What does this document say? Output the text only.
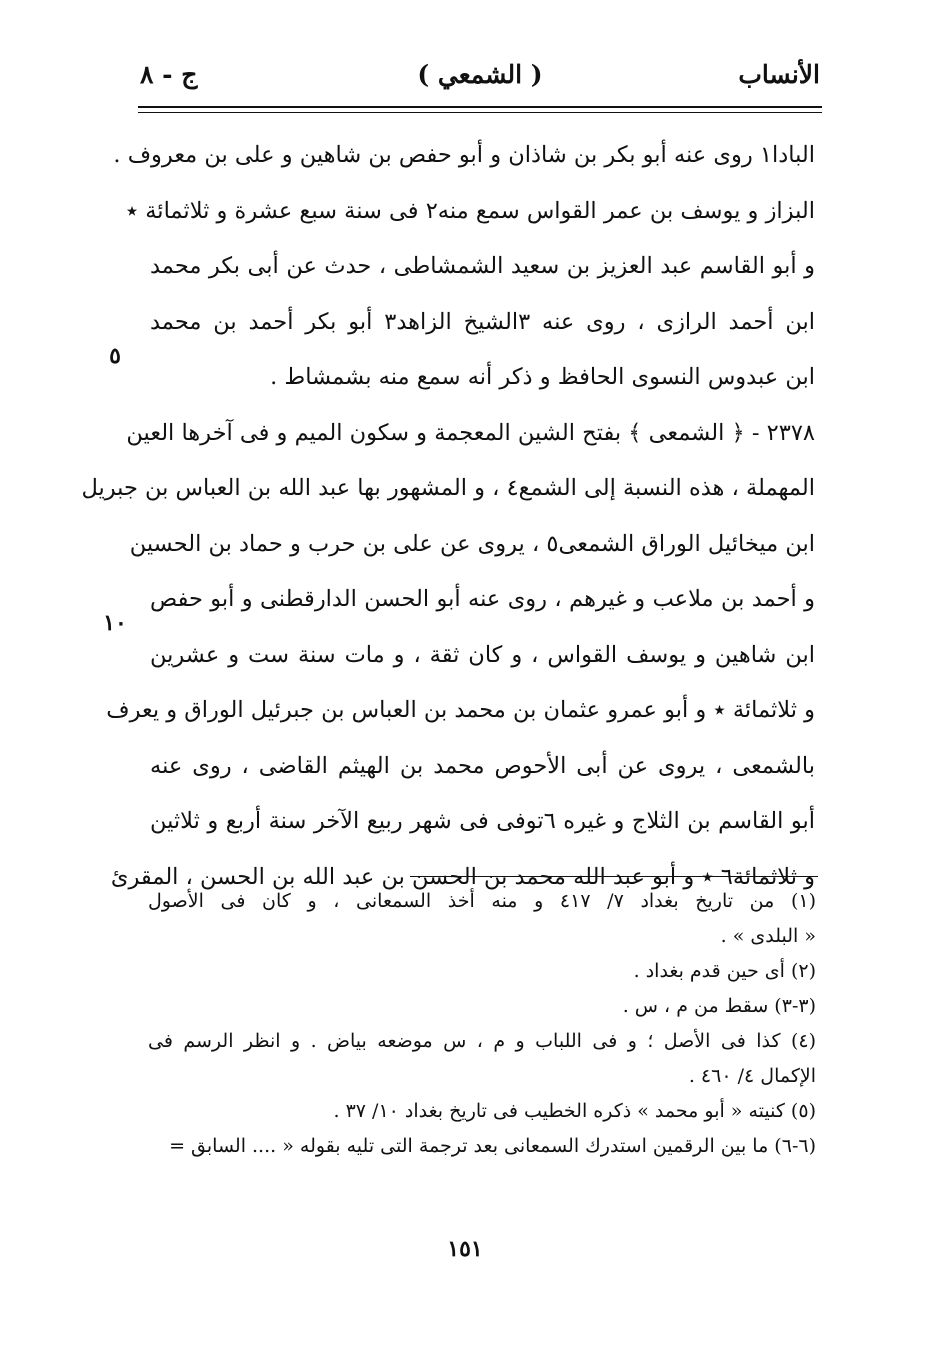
الأنساب
( الشمعي )
ج - ٨
البادا١ روى عنه أبو بكر بن شاذان و أبو حفص بن شاهين و على بن معروف .
البزاز و يوسف بن عمر القواس سمع منه٢ فى سنة سبع عشرة و ثلاثمائة ٭
و أبو القاسم عبد العزيز بن سعيد الشمشاطى ، حدث عن أبى بكر محمد
ابن أحمد الرازى ، روى عنه ٣الشيخ الزاهد٣ أبو بكر أحمد بن محمد
ابن عبدوس النسوى الحافظ و ذكر أنه سمع منه بشمشاط .
٢٣٧٨ - ﴿ الشمعى ﴾ بفتح الشين المعجمة و سكون الميم و فى آخرها العين
المهملة ، هذه النسبة إلى الشمع٤ ، و المشهور بها عبد الله بن العباس بن جبريل
ابن ميخائيل الوراق الشمعى٥ ، يروى عن على بن حرب و حماد بن الحسين
و أحمد بن ملاعب و غيرهم ، روى عنه أبو الحسن الدارقطنى و أبو حفص
ابن شاهين و يوسف القواس ، و كان ثقة ، و مات سنة ست و عشرين
و ثلاثمائة ٭ و أبو عمرو عثمان بن محمد بن العباس بن جبرئيل الوراق و يعرف
بالشمعى ، يروى عن أبى الأحوص محمد بن الهيثم القاضى ، روى عنه
أبو القاسم بن الثلاج و غيره ٦توفى فى شهر ربيع الآخر سنة أربع و ثلاثين
و ثلاثمائة٦ ٭ و أبو عبد الله محمد بن الحسن بن عبد الله بن الحسن ، المقرئ
٥
١٠
(١) من تاريخ بغداد ٧/ ٤١٧ و منه أخذ السمعانى ، و كان فى الأصول
« البلدى » .
(٢) أى حين قدم بغداد .
(٣-٣) سقط من م ، س .
(٤) كذا فى الأصل ؛ و فى اللباب و م ، س موضعه بياض . و انظر الرسم فى
الإكمال ٤/ ٤٦٠ .
(٥) كنيته « أبو محمد » ذكره الخطيب فى تاريخ بغداد ١٠/ ٣٧ .
(٦-٦) ما بين الرقمين استدرك السمعانى بعد ترجمة التى تليه بقوله « .... السابق =
١٥١
